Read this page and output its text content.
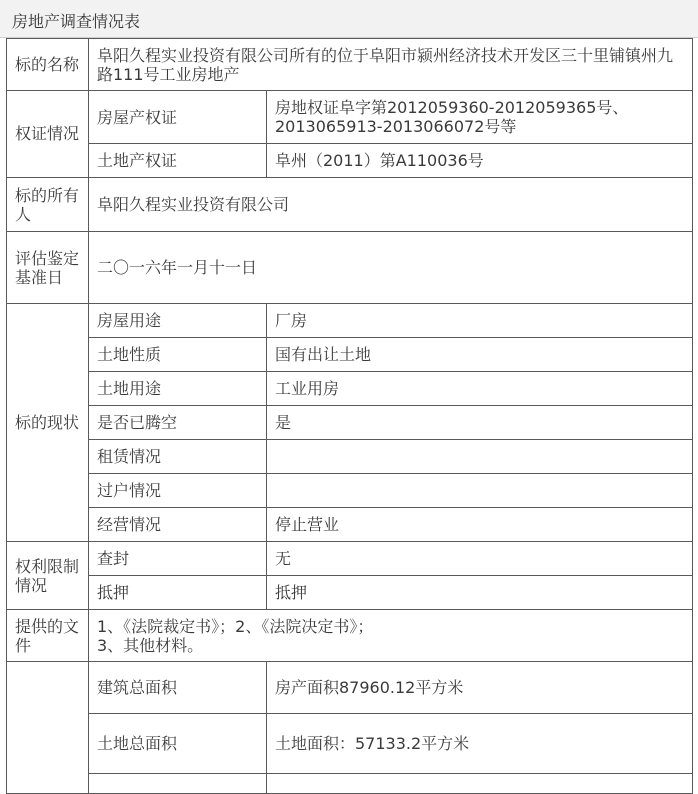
房地产调查情况表
标的名称	阜阳久程实业投资有限公司所有的位于阜阳市颍州经济技术开发区三十里铺镇州九路111号工业房地产	
权证情况	房屋产权证	房地权证阜字第2012059360-2012059365号、2013065913-2013066072号等
	土地产权证	阜州（2011）第A110036号
标的所有人	阜阳久程实业投资有限公司	
评估鉴定基准日	二〇一六年一月十一日	
标的现状	房屋用途	厂房
	土地性质	国有出让土地
	土地用途	工业用房
	是否已腾空	是
	租赁情况	
	过户情况	
	经营情况	停止营业
权利限制情况	查封	无
	抵押	抵押
提供的文件	1、《法院裁定书》；2、《法院决定书》；
3、其他材料。	

	建筑总面积	房产面积87960.12平方米
	土地总面积	土地面积：57133.2平方米
